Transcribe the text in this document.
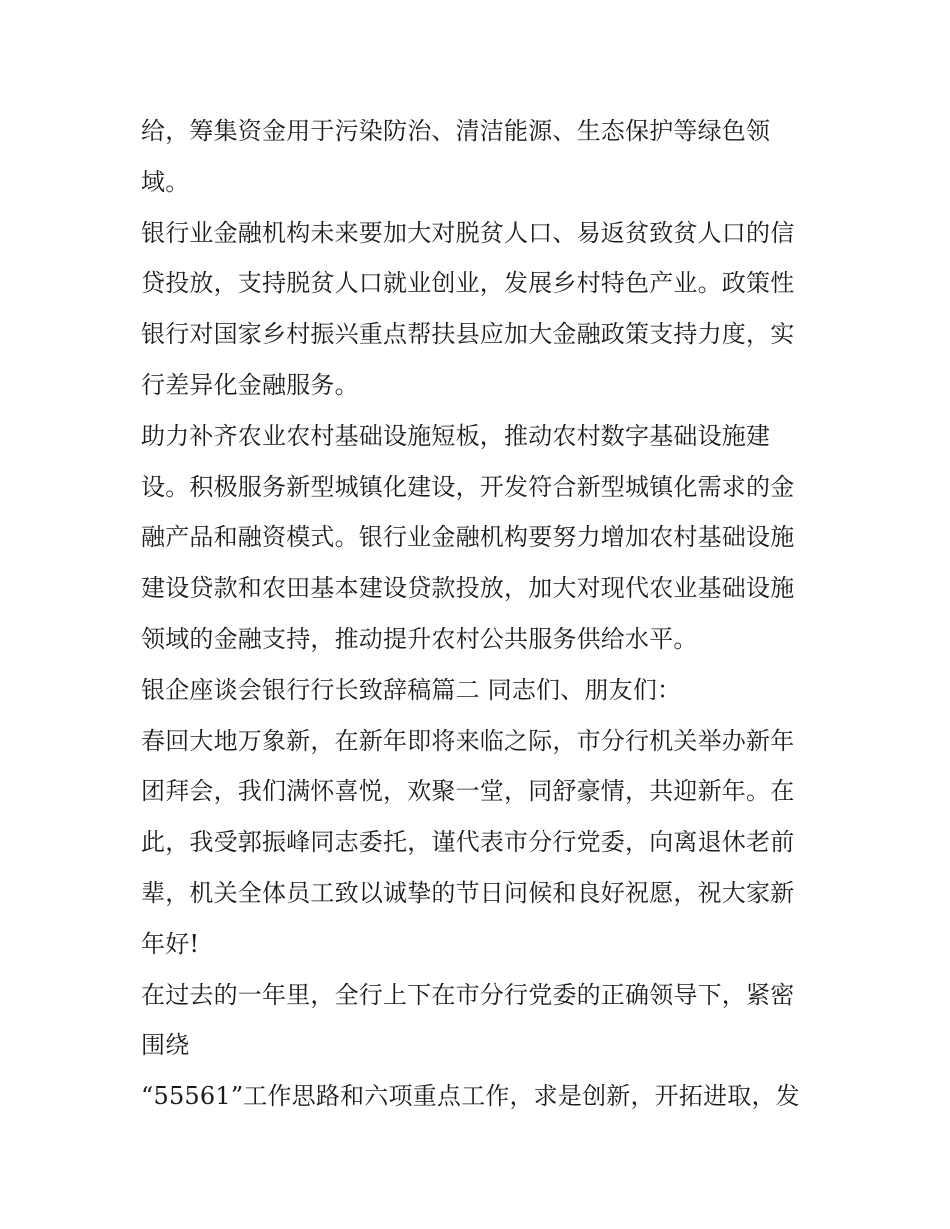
给，筹集资金用于污染防治、清洁能源、生态保护等绿色领
域。
银行业金融机构未来要加大对脱贫人口、易返贫致贫人口的信
贷投放，支持脱贫人口就业创业，发展乡村特色产业。政策性
银行对国家乡村振兴重点帮扶县应加大金融政策支持力度，实
行差异化金融服务。
助力补齐农业农村基础设施短板，推动农村数字基础设施建
设。积极服务新型城镇化建设，开发符合新型城镇化需求的金
融产品和融资模式。银行业金融机构要努力增加农村基础设施
建设贷款和农田基本建设贷款投放，加大对现代农业基础设施
领域的金融支持，推动提升农村公共服务供给水平。
银企座谈会银行行长致辞稿篇二 同志们、朋友们：
春回大地万象新，在新年即将来临之际，市分行机关举办新年
团拜会，我们满怀喜悦，欢聚一堂，同舒豪情，共迎新年。在
此，我受郭振峰同志委托，谨代表市分行党委，向离退休老前
辈，机关全体员工致以诚挚的节日问候和良好祝愿，祝大家新
年好!
在过去的一年里，全行上下在市分行党委的正确领导下，紧密
围绕
“55561”工作思路和六项重点工作，求是创新，开拓进取，发
